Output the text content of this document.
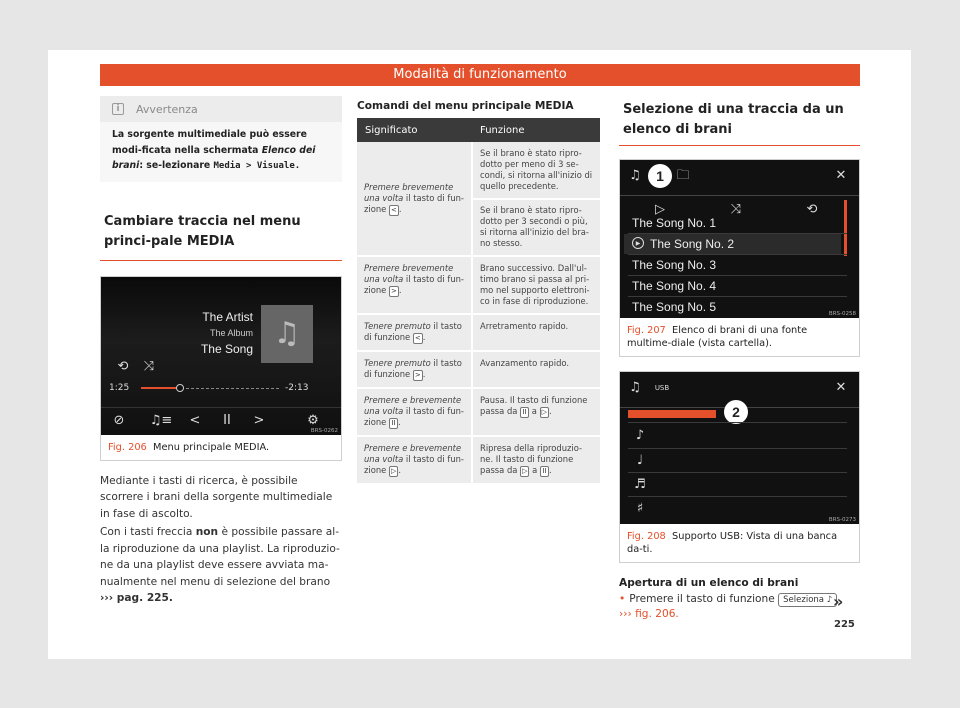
Modalità di funzionamento
i	Avvertenza
La sorgente multimediale può essere modi-ficata nella schermata Elenco dei brani: se-lezionare Media > Visuale.
Cambiare traccia nel menu princi-pale MEDIA
The Artist
The Album
The Song ♫
⟲	⤨
1:25	-2:13
⊘	♫≡	<	II	>	⚙
BRS-0262
Fig. 206 Menu principale MEDIA.

Mediante i tasti di ricerca, è possibile scorrere i brani della sorgente multimediale in fase di ascolto.

Con i tasti freccia non è possibile passare al-la riproduzione da una playlist. La riproduzio-ne da una playlist deve essere avviata ma-nualmente nel menu di selezione del brano
››› pag. 225.

Comandi del menu principale MEDIA
Significato	Funzione
Premere brevemente una volta il tasto di fun-zione < .	Se il brano è stato ripro-dotto per meno di 3 se-condi, si ritorna all'inizio di quello precedente.
Se il brano è stato ripro-dotto per 3 secondi o più, si ritorna all'inizio del bra-no stesso.

Premere brevemente una volta il tasto di fun-zione > .	Brano successivo. Dall'ul-timo brano si passa al pri-mo nel supporto elettroni-co in fase di riproduzione.

Tenere premuto il tasto di funzione < .	Arretramento rapido.

Tenere premuto il tasto di funzione > .	Avanzamento rapido.

Premere e brevemente una volta il tasto di fun-zione II .	Pausa. Il tasto di funzione passa da II a ▷ .
Premere e brevemente una volta il tasto di fun-zione ▷ .	Ripresa della riproduzio-ne. Il tasto di funzione passa da ▷ a II .
Selezione di una traccia da un elenco di brani
♫	🗀	✕
1
▷	⤨	⟲
The Song No. 1
The Song No. 2
▶
The Song No. 3
The Song No. 4
The Song No. 5	BRS-0258
Fig. 207 Elenco di brani di una fonte multime-diale (vista cartella).
♫	USB	✕
2
♪
♩
♬
♯
BRS-0273
Fig. 208 Supporto USB: Vista di una banca da-ti.
Apertura di un elenco di brani
• Premere il tasto di funzione Seleziona ♪
››› fig. 206.
»
225
